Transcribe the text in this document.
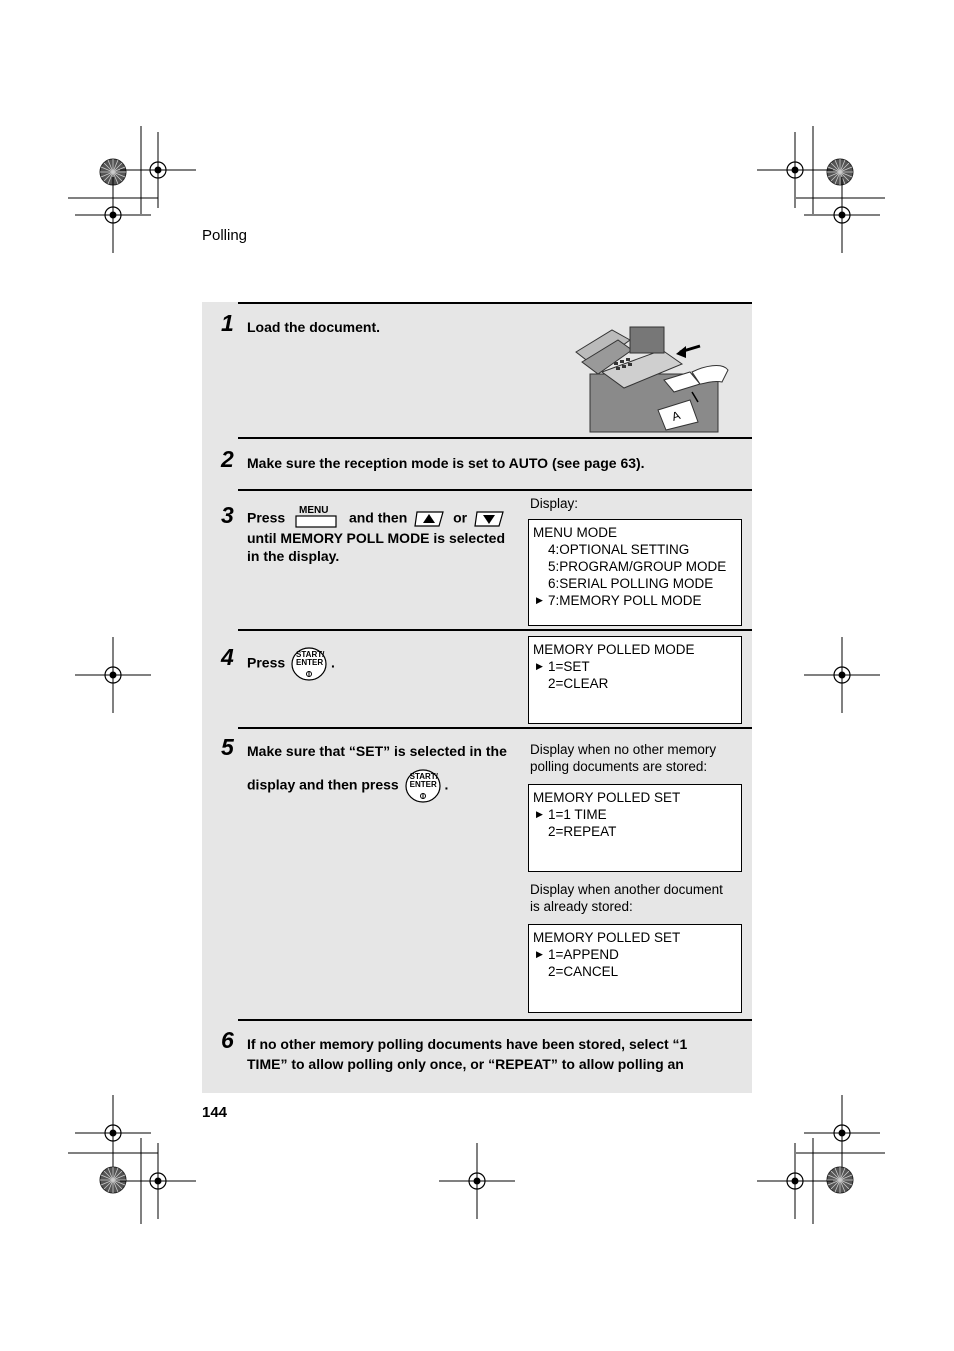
Polling
1 Load the document.
A
2 Make sure the reception mode is set to AUTO (see page 63).
3 Press MENU and then	or
until MEMORY POLL MODE is selected
in the display.
Display:
MENU MODE
4:OPTIONAL SETTING
5:PROGRAM/GROUP MODE
6:SERIAL POLLING MODE
▶ 7:MEMORY POLL MODE
4 Press
START/
ENTER .
MEMORY POLLED MODE
▶ 1=SET
2=CLEAR
5 Make sure that “SET” is selected in the
display and then press
START/
ENTER .
Display when no other memory
polling documents are stored:
MEMORY POLLED SET
▶ 1=1 TIME
2=REPEAT
Display when another document
is already stored:
MEMORY POLLED SET
▶ 1=APPEND
2=CANCEL
6 If no other memory polling documents have been stored, select “1
TIME” to allow polling only once, or “REPEAT” to allow polling an
144
